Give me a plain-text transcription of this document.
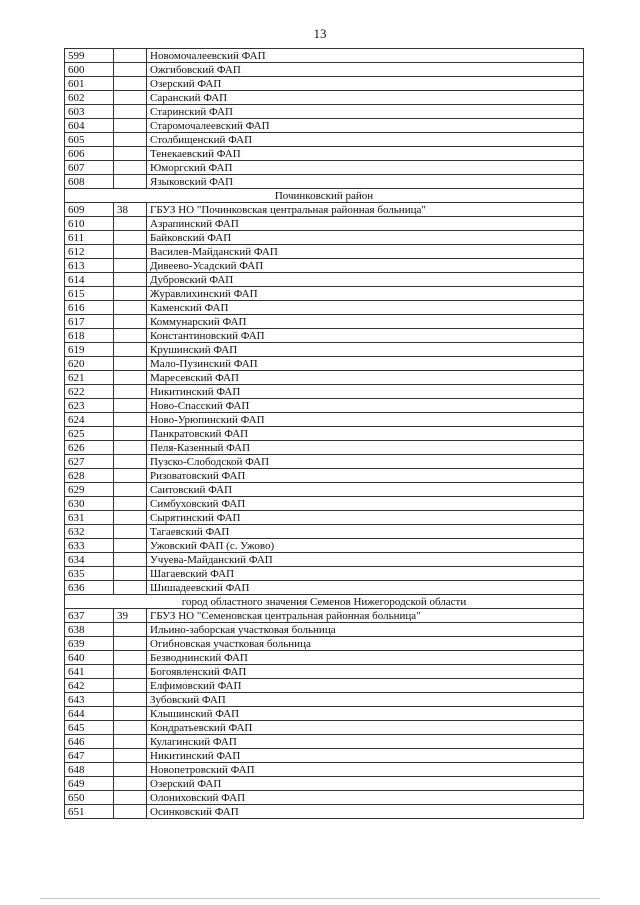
13
599		Новомочалеевский ФАП
600		Ожгибовский ФАП
601		Озерский ФАП
602		Саранский ФАП
603		Старинский ФАП
604		Старомочалеевский ФАП
605		Столбищенский ФАП
606		Тенекаевский ФАП
607		Юморгский ФАП
608		Языковский ФАП
Починковский район		
609	38	ГБУЗ НО "Починковская центральная районная больница"
610		Азрапинский ФАП
611		Байковский ФАП
612		Василев-Майданский ФАП
613		Дивеево-Усадский ФАП
614		Дубровский ФАП
615		Журавлихинский ФАП
616		Каменский ФАП
617		Коммунарский ФАП
618		Константиновский ФАП
619		Кpушинский ФАП
620		Мало-Пузинский ФАП
621		Маресевский ФАП
622		Никитинский ФАП
623		Ново-Спасский ФАП
624		Ново-Урюпинский ФАП
625		Панкратовский ФАП
626		Пеля-Казенный ФАП
627		Пузско-Слободской ФАП
628		Ризоватовский ФАП
629		Саитовский ФАП
630		Симбуховский ФАП
631		Сырятинский ФАП
632		Тагаевский ФАП
633		Ужовский ФАП (с. Ужово)
634		Учуева-Майданский ФАП
635		Шагаевский ФАП
636		Шишадеевский ФАП
город областного значения Семенов Нижегородской области		
637	39	ГБУЗ НО "Семеновская центральная районная больница"
638		Ильино-заборская участковая больница
639		Огибновская участковая больница
640		Безводнинский ФАП
641		Богоявленский ФАП
642		Елфимовский ФАП
643		Зубовский ФАП
644		Клышинский ФАП
645		Кондратьевский ФАП
646		Кулагинский ФАП
647		Никитинский ФАП
648		Новопетровский ФАП
649		Озерский ФАП
650		Олониховский ФАП
651		Осинковский ФАП
